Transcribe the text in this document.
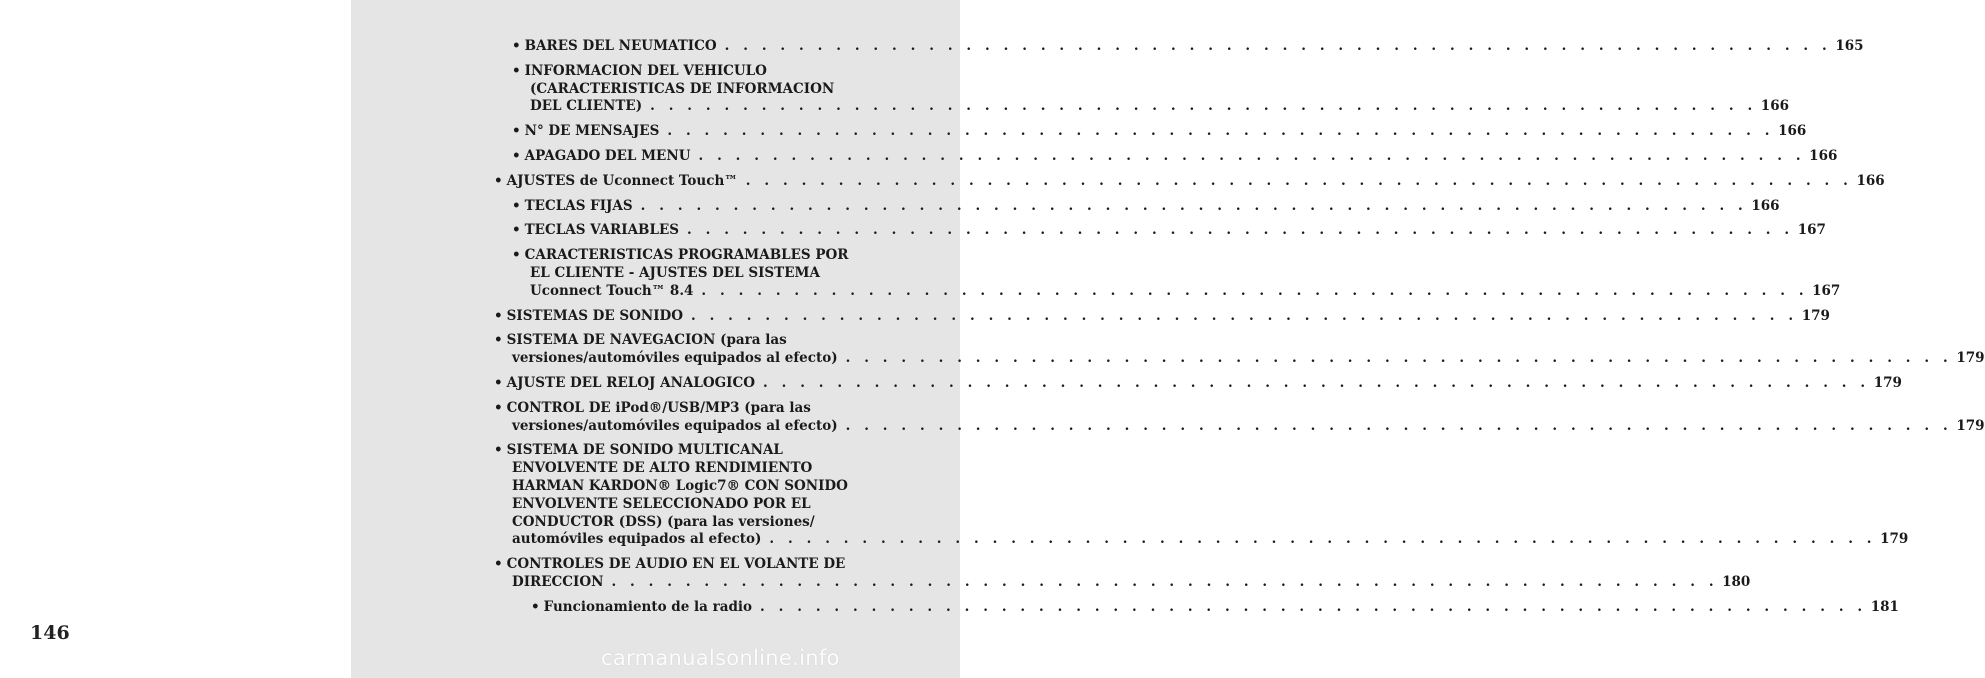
146
• BARES DEL NEUMATICO . . . . . . . . . . . . . . . . . . . . . . . . . . . . . . . . . . . . . . . . . . . . . . . . . . . . . . . . . . . . 165
• INFORMACION DEL VEHICULO
(CARACTERISTICAS DE INFORMACION
DEL CLIENTE) . . . . . . . . . . . . . . . . . . . . . . . . . . . . . . . . . . . . . . . . . . . . . . . . . . . . . . . . . . . . 166
• N° DE MENSAJES . . . . . . . . . . . . . . . . . . . . . . . . . . . . . . . . . . . . . . . . . . . . . . . . . . . . . . . . . . . . 166
• APAGADO DEL MENU . . . . . . . . . . . . . . . . . . . . . . . . . . . . . . . . . . . . . . . . . . . . . . . . . . . . . . . . . . . . 166
• AJUSTES de Uconnect Touch™ . . . . . . . . . . . . . . . . . . . . . . . . . . . . . . . . . . . . . . . . . . . . . . . . . . . . . . . . . . . . 166
• TECLAS FIJAS . . . . . . . . . . . . . . . . . . . . . . . . . . . . . . . . . . . . . . . . . . . . . . . . . . . . . . . . . . . . 166
• TECLAS VARIABLES . . . . . . . . . . . . . . . . . . . . . . . . . . . . . . . . . . . . . . . . . . . . . . . . . . . . . . . . . . . . 167
• CARACTERISTICAS PROGRAMABLES POR
EL CLIENTE - AJUSTES DEL SISTEMA
Uconnect Touch™ 8.4 . . . . . . . . . . . . . . . . . . . . . . . . . . . . . . . . . . . . . . . . . . . . . . . . . . . . . . . . . . . . 167
• SISTEMAS DE SONIDO . . . . . . . . . . . . . . . . . . . . . . . . . . . . . . . . . . . . . . . . . . . . . . . . . . . . . . . . . . . . 179
• SISTEMA DE NAVEGACION (para las
versiones/automóviles equipados al efecto) . . . . . . . . . . . . . . . . . . . . . . . . . . . . . . . . . . . . . . . . . . . . . . . . . . . . . . . . . . . . 179
• AJUSTE DEL RELOJ ANALOGICO . . . . . . . . . . . . . . . . . . . . . . . . . . . . . . . . . . . . . . . . . . . . . . . . . . . . . . . . . . . . 179
• CONTROL DE iPod®/USB/MP3 (para las
versiones/automóviles equipados al efecto) . . . . . . . . . . . . . . . . . . . . . . . . . . . . . . . . . . . . . . . . . . . . . . . . . . . . . . . . . . . . 179
• SISTEMA DE SONIDO MULTICANAL
ENVOLVENTE DE ALTO RENDIMIENTO
HARMAN KARDON® Logic7® CON SONIDO
ENVOLVENTE SELECCIONADO POR EL
CONDUCTOR (DSS) (para las versiones/
automóviles equipados al efecto) . . . . . . . . . . . . . . . . . . . . . . . . . . . . . . . . . . . . . . . . . . . . . . . . . . . . . . . . . . . . 179
• CONTROLES DE AUDIO EN EL VOLANTE DE
DIRECCION . . . . . . . . . . . . . . . . . . . . . . . . . . . . . . . . . . . . . . . . . . . . . . . . . . . . . . . . . . . . 180
• Funcionamiento de la radio . . . . . . . . . . . . . . . . . . . . . . . . . . . . . . . . . . . . . . . . . . . . . . . . . . . . . . . . . . . . 181
carmanualsonline.info
